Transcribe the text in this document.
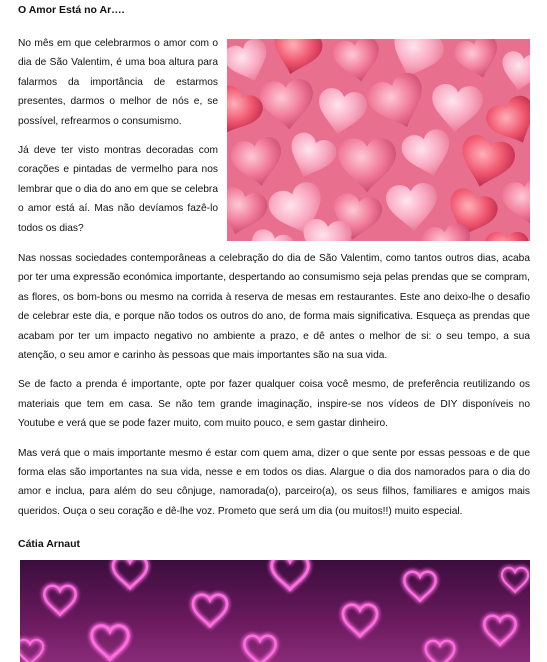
O Amor Está no Ar….

No mês em que celebrarmos o amor com o dia de São Valentim, é uma boa altura para falarmos da importância de estarmos presentes, darmos o melhor de nós e, se possível, refrearmos o consumismo.

Já deve ter visto montras decoradas com corações e pintadas de vermelho para nos lembrar que o dia do ano em que se celebra o amor está aí. Mas não devíamos fazê-lo todos os dias?

Nas nossas sociedades contemporâneas a celebração do dia de São Valentim, como tantos outros dias, acaba por ter uma expressão económica importante, despertando ao consumismo seja pelas prendas que se compram, as flores, os bom-bons ou mesmo na corrida à reserva de mesas em restaurantes. Este ano deixo-lhe o desafio de celebrar este dia, e porque não todos os outros do ano, de forma mais significativa. Esqueça as prendas que acabam por ter um impacto negativo no ambiente a prazo, e dê antes o melhor de si: o seu tempo, a sua atenção, o seu amor e carinho às pessoas que mais importantes são na sua vida.

Se de facto a prenda é importante, opte por fazer qualquer coisa você mesmo, de preferência reutilizando os materiais que tem em casa. Se não tem grande imaginação, inspire-se nos vídeos de DIY disponíveis no Youtube e verá que se pode fazer muito, com muito pouco, e sem gastar dinheiro.

Mas verá que o mais importante mesmo é estar com quem ama, dizer o que sente por essas pessoas e de que forma elas são importantes na sua vida, nesse e em todos os dias. Alargue o dia dos namorados para o dia do amor e inclua, para além do seu cônjuge, namorada(o), parceiro(a), os seus filhos, familiares e amigos mais queridos. Ouça o seu coração e dê-lhe voz. Prometo que será um dia (ou muitos!!) muito especial.

Cátia Arnaut
